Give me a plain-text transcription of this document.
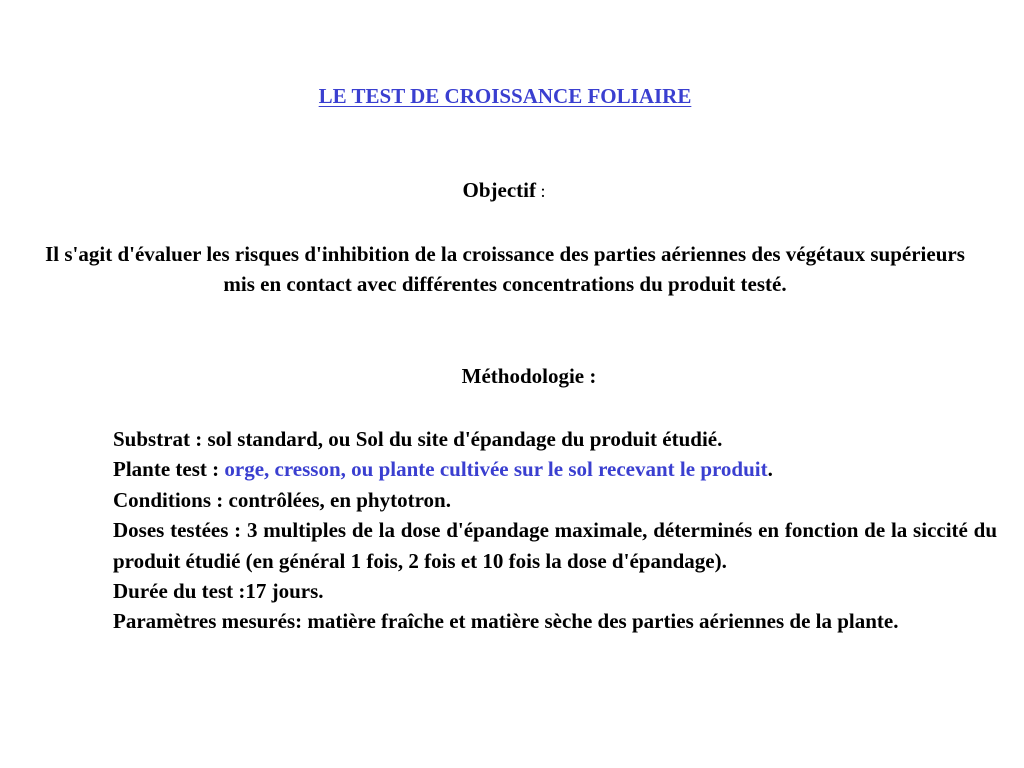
LE TEST DE CROISSANCE FOLIAIRE
Objectif :
Il s'agit d'évaluer les risques d'inhibition de la croissance des parties aériennes des végétaux supérieurs mis en contact avec différentes concentrations du produit testé.
Méthodologie :
Substrat : sol standard, ou Sol du site d'épandage du produit étudié.
Plante test : orge, cresson, ou plante cultivée sur le sol recevant le produit.
Conditions : contrôlées, en phytotron.
Doses testées : 3 multiples de la dose d'épandage maximale, déterminés en fonction de la siccité du produit étudié (en général 1 fois, 2 fois et 10 fois la dose d'épandage).
Durée du test :17 jours.
Paramètres mesurés: matière fraîche et matière sèche des parties aériennes de la plante.
